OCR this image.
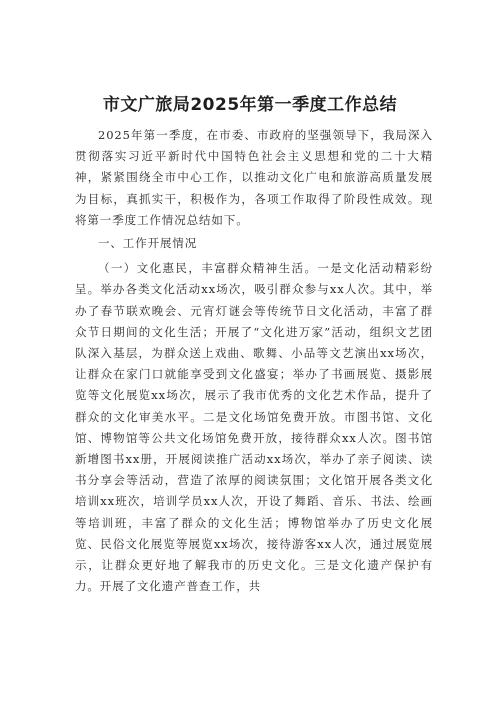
市文广旅局2025年第一季度工作总结

2025年第一季度，在市委、市政府的坚强领导下，我局深入贯彻落实习近平新时代中国特色社会主义思想和党的二十大精神，紧紧围绕全市中心工作，以推动文化广电和旅游高质量发展为目标，真抓实干，积极作为，各项工作取得了阶段性成效。现将第一季度工作情况总结如下。

一、工作开展情况

（一）文化惠民，丰富群众精神生活。一是文化活动精彩纷呈。举办各类文化活动xx场次，吸引群众参与xx人次。其中，举办了春节联欢晚会、元宵灯谜会等传统节日文化活动，丰富了群众节日期间的文化生活；开展了“文化进万家”活动，组织文艺团队深入基层，为群众送上戏曲、歌舞、小品等文艺演出xx场次，让群众在家门口就能享受到文化盛宴；举办了书画展览、摄影展览等文化展览xx场次，展示了我市优秀的文化艺术作品，提升了群众的文化审美水平。二是文化场馆免费开放。市图书馆、文化馆、博物馆等公共文化场馆免费开放，接待群众xx人次。图书馆新增图书xx册，开展阅读推广活动xx场次，举办了亲子阅读、读书分享会等活动，营造了浓厚的阅读氛围；文化馆开展各类文化培训xx班次，培训学员xx人次，开设了舞蹈、音乐、书法、绘画等培训班，丰富了群众的文化生活；博物馆举办了历史文化展览、民俗文化展览等展览xx场次，接待游客xx人次，通过展览展示，让群众更好地了解我市的历史文化。三是文化遗产保护有力。开展了文化遗产普查工作，共
